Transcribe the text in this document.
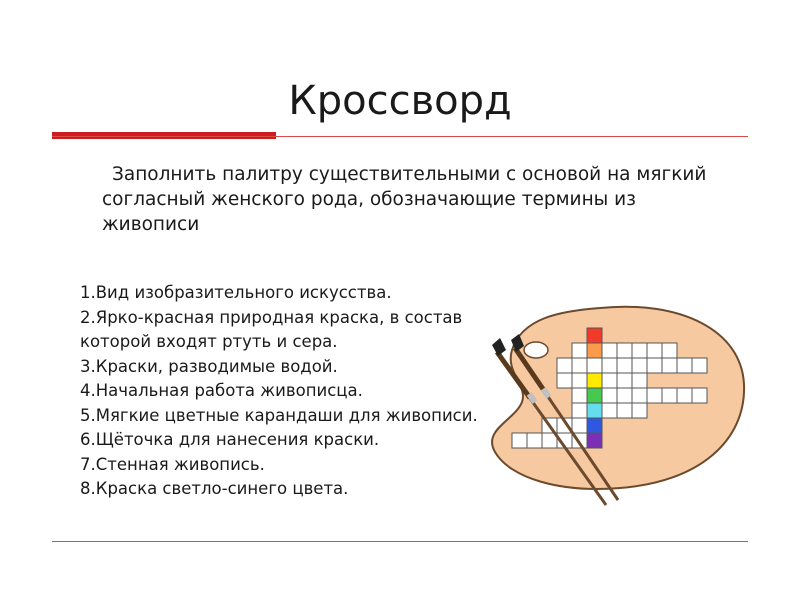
Кроссворд
Заполнить палитру существительными с основой на мягкий согласный женского рода, обозначающие термины из живописи
1.Вид изобразительного искусства.
2.Ярко-красная природная краска, в состав которой входят ртуть и сера.
3.Краски, разводимые водой.
4.Начальная работа живописца.
5.Мягкие цветные карандаши для живописи.
6.Щёточка для нанесения краски.
7.Стенная живопись.
8.Краска светло-синего цвета.
